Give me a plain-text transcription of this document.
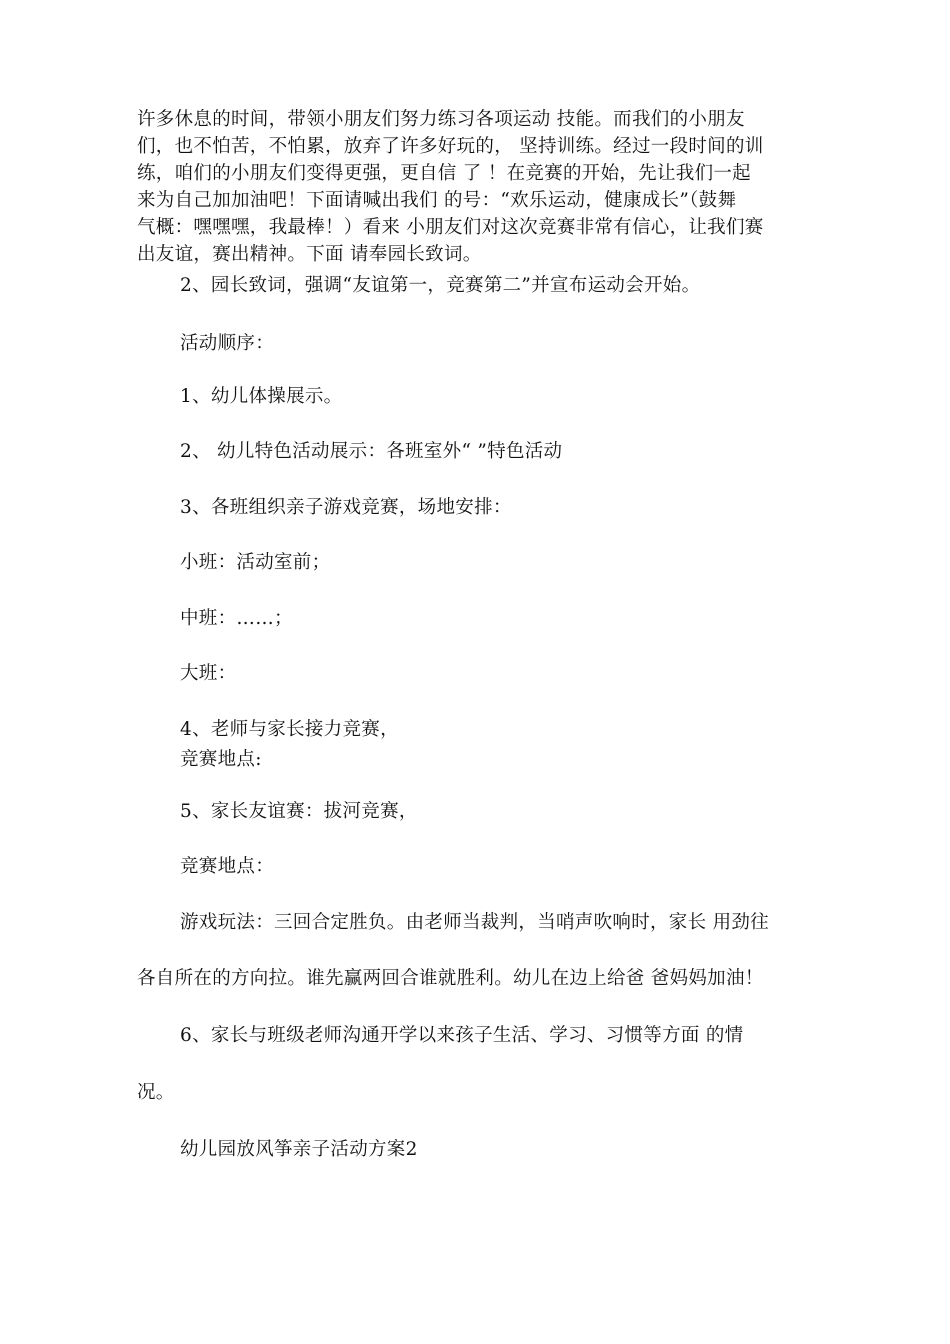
许多休息的时间，带领小朋友们努力练习各项运动 技能。而我们的小朋友
们，也不怕苦，不怕累，放弃了许多好玩的， 坚持训练。经过一段时间的训
练，咱们的小朋友们变得更强，更自信 了 ！在竞赛的开始，先让我们一起
来为自己加加油吧！下面请喊出我们 的号：“欢乐运动，健康成长”（鼓舞
气概：嘿嘿嘿，我最棒！）看来 小朋友们对这次竞赛非常有信心，让我们赛
出友谊，赛出精神。下面 请奉园长致词。
2、园长致词，强调“友谊第一，竞赛第二”并宣布运动会开始。
活动顺序：
1、幼儿体操展示。
2、 幼儿特色活动展示：各班室外“ ”特色活动
3、各班组织亲子游戏竞赛，场地安排：
小班：活动室前；
中班：……；
大班：
4、老师与家长接力竞赛，
竞赛地点:
5、家长友谊赛：拔河竞赛，
竞赛地点：
游戏玩法：三回合定胜负。由老师当裁判，当哨声吹响时，家长 用劲往
各自所在的方向拉。谁先赢两回合谁就胜利。幼儿在边上给爸 爸妈妈加油！
6、家长与班级老师沟通开学以来孩子生活、学习、习惯等方面 的情
况。
幼儿园放风筝亲子活动方案2
